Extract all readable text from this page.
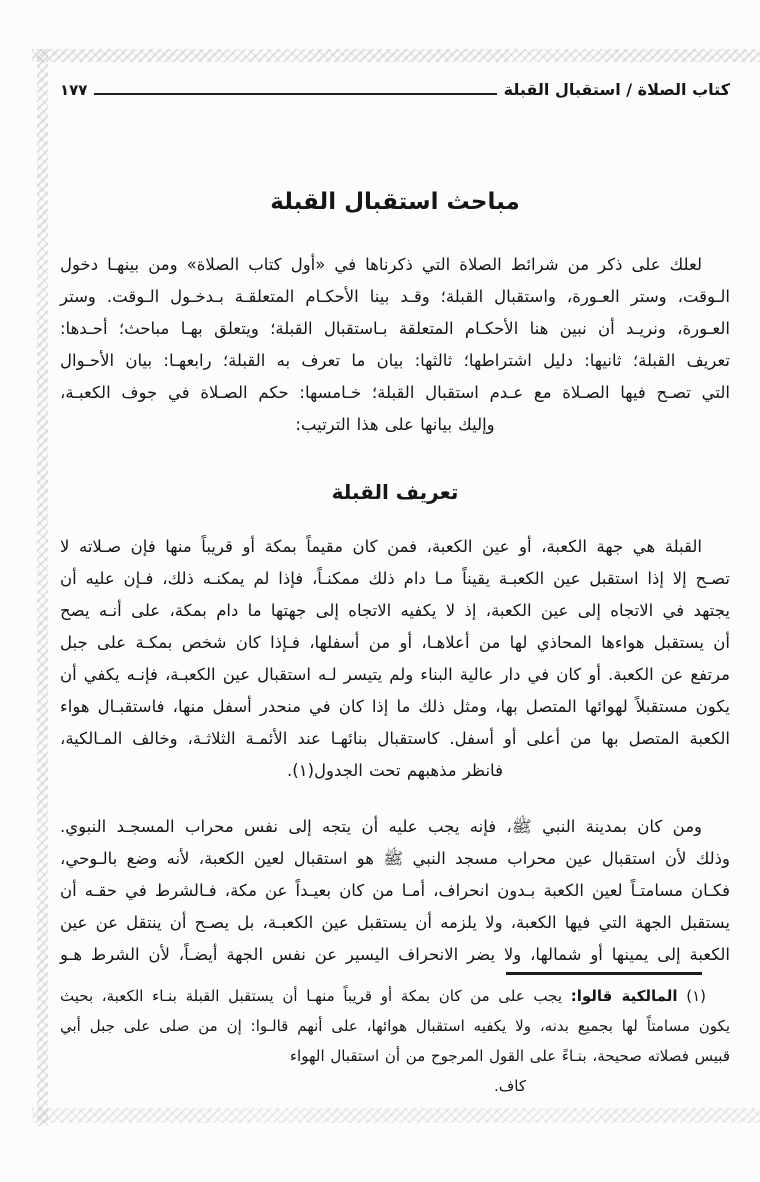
كتاب الصلاة / استقبال القبلة
١٧٧
مباحث استقبال القبلة
لعلك على ذكر من شرائط الصلاة التي ذكرناها في «أول كتاب الصلاة» ومن بينهـا دخول
الـوقت، وستر العـورة، واستقبال القبلة؛ وقـد بينا الأحكـام المتعلقـة بـدخـول الـوقت. وستر
العـورة، ونريـد أن نبين هنا الأحكـام المتعلقة بـاستقبال القبلة؛ ويتعلق بهـا مباحث؛ أحـدها:
تعريف القبلة؛ ثانيها: دليل اشتراطها؛ ثالثها: بيان ما تعرف به القبلة؛ رابعهـا: بيان الأحـوال
التي تصـح فيها الصـلاة مع عـدم استقبال القبلة؛ خـامسها: حكم الصـلاة في جوف الكعبـة،
وإليك بيانها على هذا الترتيب:
تعريف القبلة
القبلة هي جهة الكعبة، أو عين الكعبة، فمن كان مقيماً بمكة أو قريباً منها فإن صـلاته لا
تصـح إلا إذا استقبل عين الكعبـة يقيناً مـا دام ذلك ممكنـاً، فإذا لم يمكنـه ذلك، فـإن عليه أن
يجتهد في الاتجاه إلى عين الكعبة، إذ لا يكفيه الاتجاه إلى جهتها ما دام بمكة، على أنـه يصح
أن يستقبل هواءها المحاذي لها من أعلاهـا، أو من أسفلها، فـإذا كان شخص بمكـة على جبل
مرتفع عن الكعبة. أو كان في دار عالية البناء ولم يتيسر لـه استقبال عين الكعبـة، فإنـه يكفي أن
يكون مستقبلاً لهوائها المتصل بها، ومثل ذلك ما إذا كان في منحدر أسفل منها، فاستقبـال هواء
الكعبة المتصل بها من أعلى أو أسفل. كاستقبال بنائهـا عند الأئمـة الثلاثـة، وخالف المـالكية،
فانظر مذهبهم تحت الجدول(١).
ومن كان بمدينة النبي ﷺ، فإنه يجب عليه أن يتجه إلى نفس محراب المسجـد النبوي.
وذلك لأن استقبال عين محراب مسجد النبي ﷺ هو استقبال لعين الكعبة، لأنه وضع بالـوحي،
فكـان مسامتـاً لعين الكعبة بـدون انحراف، أمـا من كان بعيـداً عن مكة، فـالشرط في حقـه أن
يستقبل الجهة التي فيها الكعبة، ولا يلزمه أن يستقبل عين الكعبـة، بل يصـح أن ينتقل عن عين
الكعبة إلى يمينها أو شمالها، ولا يضر الانحراف اليسير عن نفس الجهة أيضـاً، لأن الشرط هـو
(١) المالكية قالوا: يجب على من كان بمكة أو قريباً منهـا أن يستقبل القبلة بنـاء الكعبة، بحيث
يكون مسامتاً لها بجميع بدنه، ولا يكفيه استقبال هوائها، على أنهم قالـوا: إن من صلى على جبل أبي
قبيس فصلاته صحيحة، بنـاءً على القول المرجوح من أن استقبال الهواء كاف.
